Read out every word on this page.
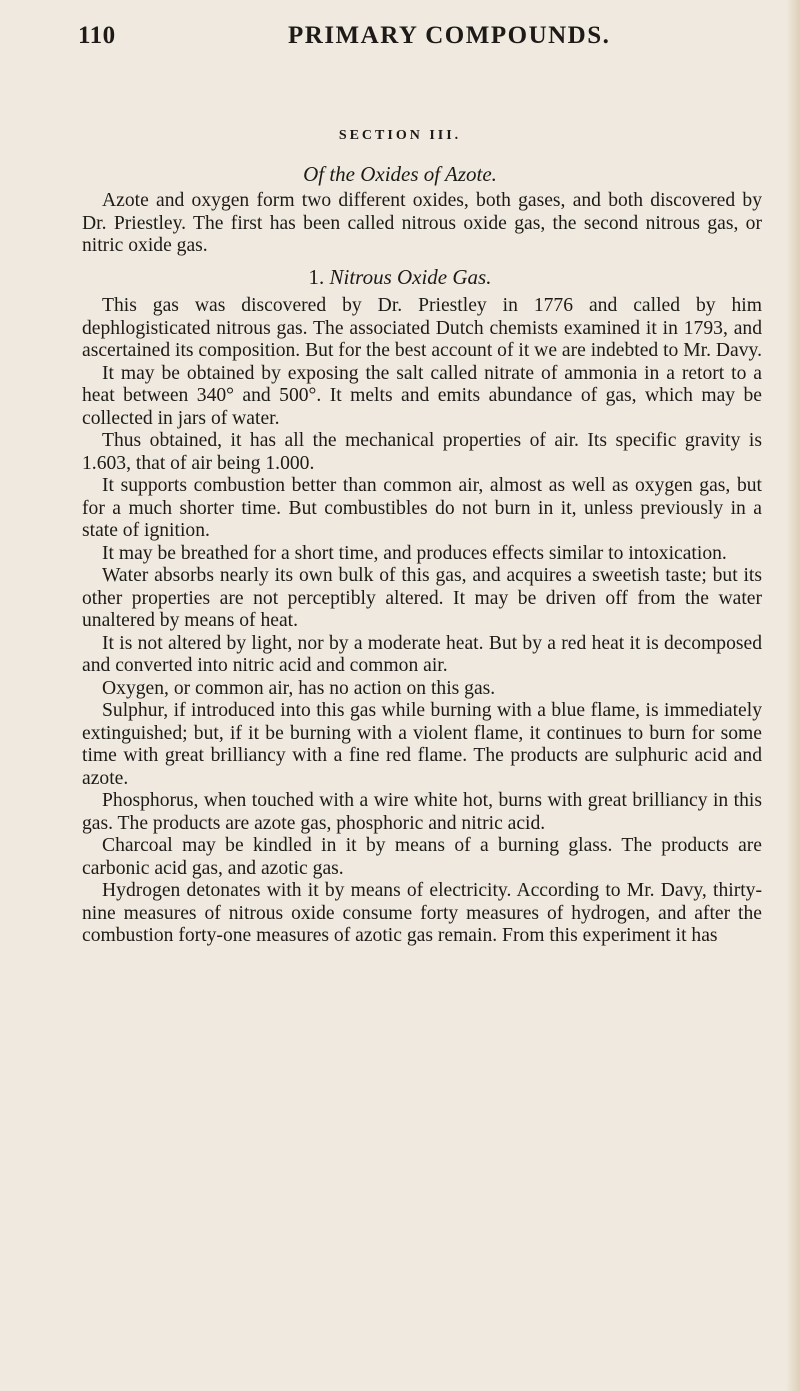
110	PRIMARY COMPOUNDS.
SECTION III.
Of the Oxides of Azote.

Azote and oxygen form two different oxides, both gases, and both discovered by Dr. Priestley. The first has been called nitrous oxide gas, the second nitrous gas, or nitric oxide gas.

1. Nitrous Oxide Gas.

This gas was discovered by Dr. Priestley in 1776 and called by him dephlogisticated nitrous gas. The associated Dutch chemists examined it in 1793, and ascertained its composition. But for the best account of it we are indebted to Mr. Davy.

It may be obtained by exposing the salt called nitrate of ammonia in a retort to a heat between 340° and 500°. It melts and emits abundance of gas, which may be collected in jars of water.

Thus obtained, it has all the mechanical properties of air. Its specific gravity is 1.603, that of air being 1.000.

It supports combustion better than common air, almost as well as oxygen gas, but for a much shorter time. But combustibles do not burn in it, unless previously in a state of ignition.

It may be breathed for a short time, and produces effects similar to intoxication.

Water absorbs nearly its own bulk of this gas, and acquires a sweetish taste; but its other properties are not perceptibly altered. It may be driven off from the water unaltered by means of heat.

It is not altered by light, nor by a moderate heat. But by a red heat it is decomposed and converted into nitric acid and common air.

Oxygen, or common air, has no action on this gas.

Sulphur, if introduced into this gas while burning with a blue flame, is immediately extinguished; but, if it be burning with a violent flame, it continues to burn for some time with great brilliancy with a fine red flame. The products are sulphuric acid and azote.

Phosphorus, when touched with a wire white hot, burns with great brilliancy in this gas. The products are azote gas, phosphoric and nitric acid.

Charcoal may be kindled in it by means of a burning glass. The products are carbonic acid gas, and azotic gas.

Hydrogen detonates with it by means of electricity. According to Mr. Davy, thirty-nine measures of nitrous oxide consume forty measures of hydrogen, and after the combustion forty-one measures of azotic gas remain. From this experiment it has
